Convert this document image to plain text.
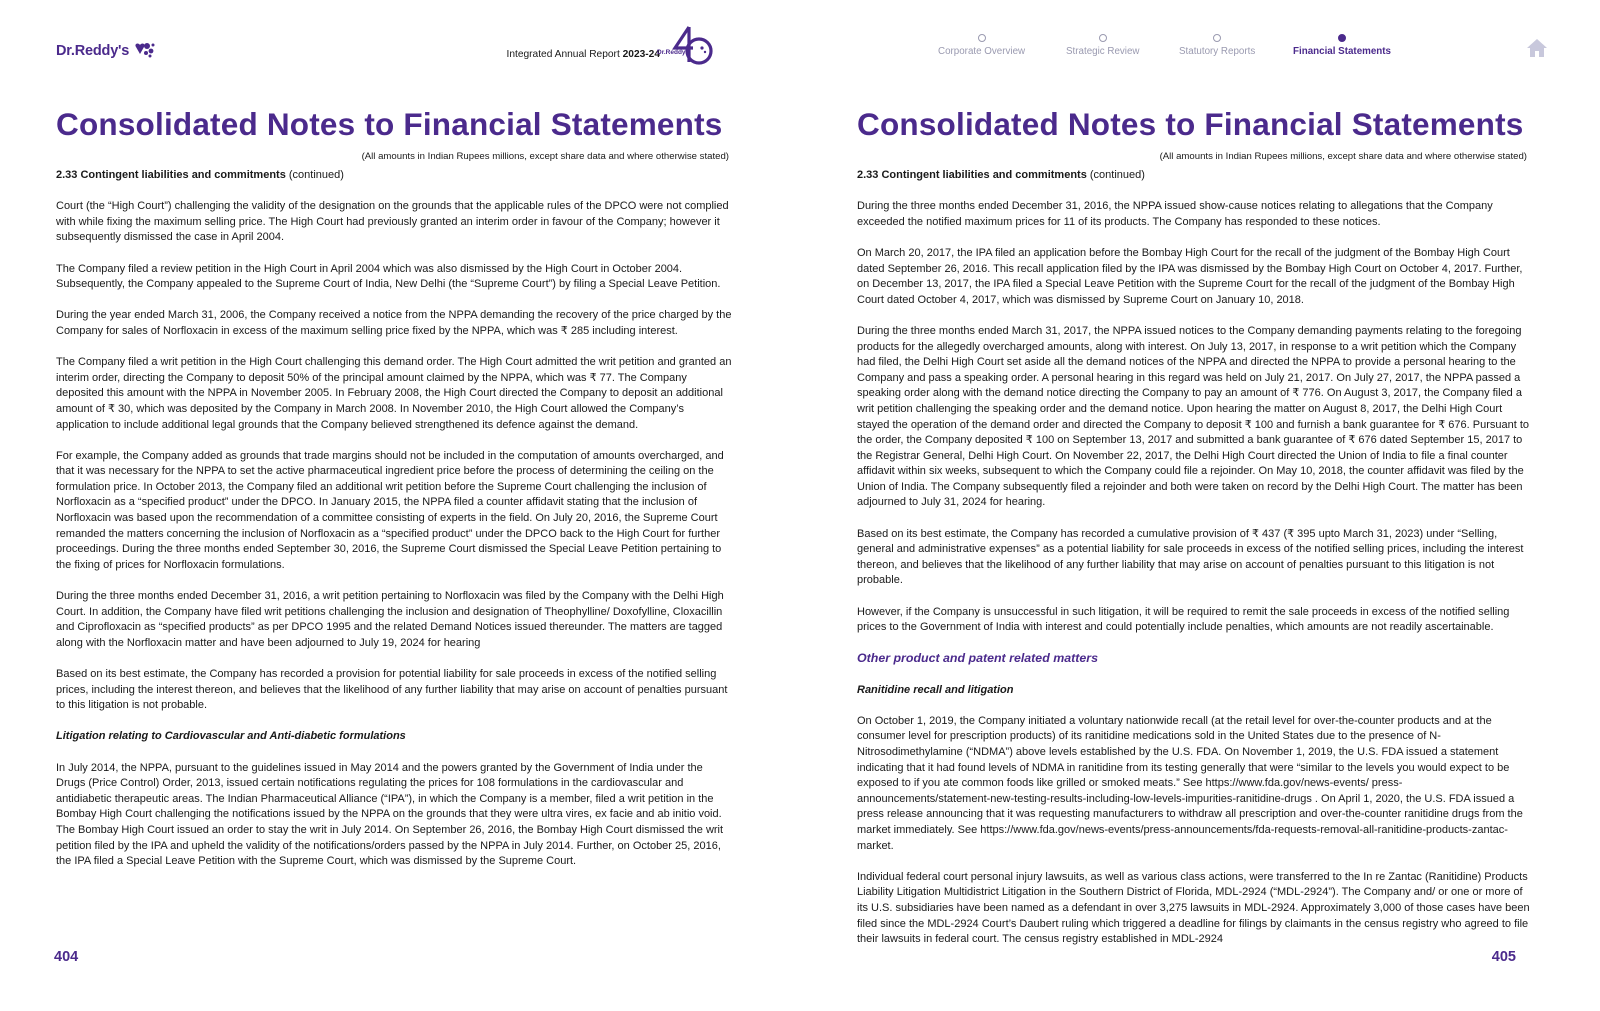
Dr.Reddy's	Integrated Annual Report 2023-24
Dr.Reddy's
Consolidated Notes to Financial Statements
(All amounts in Indian Rupees millions, except share data and where otherwise stated)

2.33 Contingent liabilities and commitments (continued)

Court (the “High Court”) challenging the validity of the designation on the grounds that the applicable rules of the DPCO were not complied with while fixing the maximum selling price. The High Court had previously granted an interim order in favour of the Company; however it subsequently dismissed the case in April 2004.

The Company filed a review petition in the High Court in April 2004 which was also dismissed by the High Court in October 2004. Subsequently, the Company appealed to the Supreme Court of India, New Delhi (the “Supreme Court”) by filing a Special Leave Petition.

During the year ended March 31, 2006, the Company received a notice from the NPPA demanding the recovery of the price charged by the Company for sales of Norfloxacin in excess of the maximum selling price fixed by the NPPA, which was ₹ 285 including interest.

The Company filed a writ petition in the High Court challenging this demand order. The High Court admitted the writ petition and granted an interim order, directing the Company to deposit 50% of the principal amount claimed by the NPPA, which was ₹ 77. The Company deposited this amount with the NPPA in November 2005. In February 2008, the High Court directed the Company to deposit an additional amount of ₹ 30, which was deposited by the Company in March 2008. In November 2010, the High Court allowed the Company’s application to include additional legal grounds that the Company believed strengthened its defence against the demand.

For example, the Company added as grounds that trade margins should not be included in the computation of amounts overcharged, and that it was necessary for the NPPA to set the active pharmaceutical ingredient price before the process of determining the ceiling on the formulation price. In October 2013, the Company filed an additional writ petition before the Supreme Court challenging the inclusion of Norfloxacin as a “specified product” under the DPCO. In January 2015, the NPPA filed a counter affidavit stating that the inclusion of Norfloxacin was based upon the recommendation of a committee consisting of experts in the field. On July 20, 2016, the Supreme Court remanded the matters concerning the inclusion of Norfloxacin as a “specified product” under the DPCO back to the High Court for further proceedings. During the three months ended September 30, 2016, the Supreme Court dismissed the Special Leave Petition pertaining to the fixing of prices for Norfloxacin formulations.

During the three months ended December 31, 2016, a writ petition pertaining to Norfloxacin was filed by the Company with the Delhi High Court. In addition, the Company have filed writ petitions challenging the inclusion and designation of Theophylline/ Doxofylline, Cloxacillin and Ciprofloxacin as “specified products” as per DPCO 1995 and the related Demand Notices issued thereunder. The matters are tagged along with the Norfloxacin matter and have been adjourned to July 19, 2024 for hearing

Based on its best estimate, the Company has recorded a provision for potential liability for sale proceeds in excess of the notified selling prices, including the interest thereon, and believes that the likelihood of any further liability that may arise on account of penalties pursuant to this litigation is not probable.

Litigation relating to Cardiovascular and Anti-diabetic formulations

In July 2014, the NPPA, pursuant to the guidelines issued in May 2014 and the powers granted by the Government of India under the Drugs (Price Control) Order, 2013, issued certain notifications regulating the prices for 108 formulations in the cardiovascular and antidiabetic therapeutic areas. The Indian Pharmaceutical Alliance (“IPA”), in which the Company is a member, filed a writ petition in the Bombay High Court challenging the notifications issued by the NPPA on the grounds that they were ultra vires, ex facie and ab initio void. The Bombay High Court issued an order to stay the writ in July 2014. On September 26, 2016, the Bombay High Court dismissed the writ petition filed by the IPA and upheld the validity of the notifications/orders passed by the NPPA in July 2014. Further, on October 25, 2016, the IPA filed a Special Leave Petition with the Supreme Court, which was dismissed by the Supreme Court.

404
Corporate Overview	Strategic Review	Statutory Reports	Financial Statements
Consolidated Notes to Financial Statements
(All amounts in Indian Rupees millions, except share data and where otherwise stated)

2.33 Contingent liabilities and commitments (continued)

During the three months ended December 31, 2016, the NPPA issued show-cause notices relating to allegations that the Company exceeded the notified maximum prices for 11 of its products. The Company has responded to these notices.

On March 20, 2017, the IPA filed an application before the Bombay High Court for the recall of the judgment of the Bombay High Court dated September 26, 2016. This recall application filed by the IPA was dismissed by the Bombay High Court on October 4, 2017. Further, on December 13, 2017, the IPA filed a Special Leave Petition with the Supreme Court for the recall of the judgment of the Bombay High Court dated October 4, 2017, which was dismissed by Supreme Court on January 10, 2018.

During the three months ended March 31, 2017, the NPPA issued notices to the Company demanding payments relating to the foregoing products for the allegedly overcharged amounts, along with interest. On July 13, 2017, in response to a writ petition which the Company had filed, the Delhi High Court set aside all the demand notices of the NPPA and directed the NPPA to provide a personal hearing to the Company and pass a speaking order. A personal hearing in this regard was held on July 21, 2017. On July 27, 2017, the NPPA passed a speaking order along with the demand notice directing the Company to pay an amount of ₹ 776. On August 3, 2017, the Company filed a writ petition challenging the speaking order and the demand notice. Upon hearing the matter on August 8, 2017, the Delhi High Court stayed the operation of the demand order and directed the Company to deposit ₹ 100 and furnish a bank guarantee for ₹ 676. Pursuant to the order, the Company deposited ₹ 100 on September 13, 2017 and submitted a bank guarantee of ₹ 676 dated September 15, 2017 to the Registrar General, Delhi High Court. On November 22, 2017, the Delhi High Court directed the Union of India to file a final counter affidavit within six weeks, subsequent to which the Company could file a rejoinder. On May 10, 2018, the counter affidavit was filed by the Union of India. The Company subsequently filed a rejoinder and both were taken on record by the Delhi High Court. The matter has been adjourned to July 31, 2024 for hearing.

Based on its best estimate, the Company has recorded a cumulative provision of ₹ 437 (₹ 395 upto March 31, 2023) under “Selling, general and administrative expenses” as a potential liability for sale proceeds in excess of the notified selling prices, including the interest thereon, and believes that the likelihood of any further liability that may arise on account of penalties pursuant to this litigation is not probable.

However, if the Company is unsuccessful in such litigation, it will be required to remit the sale proceeds in excess of the notified selling prices to the Government of India with interest and could potentially include penalties, which amounts are not readily ascertainable.

Other product and patent related matters

Ranitidine recall and litigation

On October 1, 2019, the Company initiated a voluntary nationwide recall (at the retail level for over-the-counter products and at the consumer level for prescription products) of its ranitidine medications sold in the United States due to the presence of N-Nitrosodimethylamine (“NDMA”) above levels established by the U.S. FDA. On November 1, 2019, the U.S. FDA issued a statement indicating that it had found levels of NDMA in ranitidine from its testing generally that were “similar to the levels you would expect to be exposed to if you ate common foods like grilled or smoked meats.” See https://www.fda.gov/news-events/ press-announcements/statement-new-testing-results-including-low-levels-impurities-ranitidine-drugs . On April 1, 2020, the U.S. FDA issued a press release announcing that it was requesting manufacturers to withdraw all prescription and over-the-counter ranitidine drugs from the market immediately. See https://www.fda.gov/news-events/press-announcements/fda-requests-removal-all-ranitidine-products-zantac-market.

Individual federal court personal injury lawsuits, as well as various class actions, were transferred to the In re Zantac (Ranitidine) Products Liability Litigation Multidistrict Litigation in the Southern District of Florida, MDL-2924 (“MDL-2924”). The Company and/ or one or more of its U.S. subsidiaries have been named as a defendant in over 3,275 lawsuits in MDL-2924. Approximately 3,000 of those cases have been filed since the MDL-2924 Court’s Daubert ruling which triggered a deadline for filings by claimants in the census registry who agreed to file their lawsuits in federal court. The census registry established in MDL-2924

405
